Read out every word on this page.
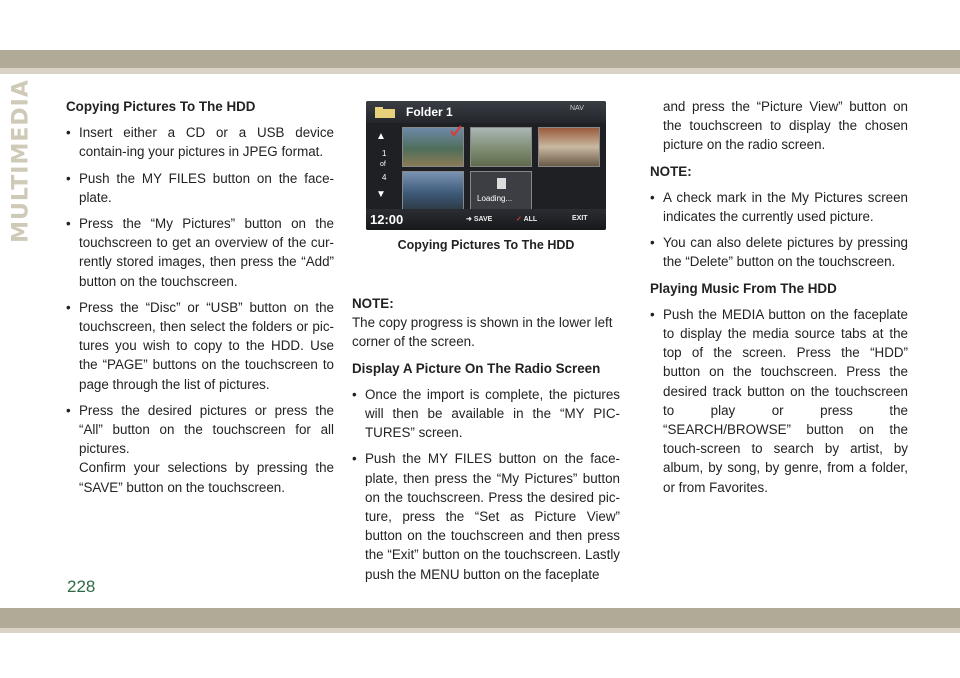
MULTIMEDIA Copying Pictures To The HDD
• Insert either a CD or a USB device contain-ing your pictures in JPEG format.
• Push the MY FILES button on the face-plate.
• Press the “My Pictures” button on the touchscreen to get an overview of the cur-rently stored images, then press the “Add” button on the touchscreen.
• Press the “Disc” or “USB” button on the touchscreen, then select the folders or pic-tures you wish to copy to the HDD. Use the “PAGE” buttons on the touchscreen to page through the list of pictures.
• Press the desired pictures or press the “All” button on the touchscreen for all pictures.
Confirm your selections by pressing the “SAVE” button on the touchscreen.
Folder 1	NAV
▲
1
of
4
▼	Loading...
12:00	➜ SAVE	✓ ALL	EXIT
Copying Pictures To The HDD
NOTE:
The copy progress is shown in the lower left corner of the screen.
Display A Picture On The Radio Screen
• Once the import is complete, the pictures will then be available in the “MY PIC-TURES” screen.
• Push the MY FILES button on the face-plate, then press the “My Pictures” button on the touchscreen. Press the desired pic-ture, press the “Set as Picture View” button on the touchscreen and then press the “Exit” button on the touchscreen. Lastly push the MENU button on the faceplate
and press the “Picture View” button on the touchscreen to display the chosen picture on the radio screen.
NOTE:
• A check mark in the My Pictures screen indicates the currently used picture.
• You can also delete pictures by pressing the “Delete” button on the touchscreen.
Playing Music From The HDD
• Push the MEDIA button on the faceplate to display the media source tabs at the top of the screen. Press the “HDD” button on the touchscreen. Press the desired track button on the touchscreen to play or press the “SEARCH/BROWSE” button on the touch-screen to search by artist, by album, by song, by genre, from a folder, or from Favorites.
228
